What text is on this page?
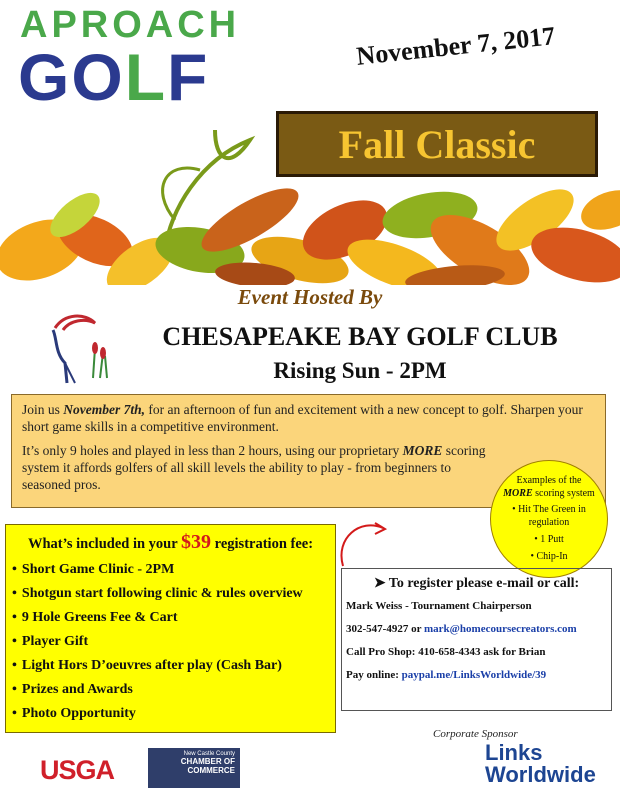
APROACH
GOLF	November 7, 2017
Fall Classic
Event Hosted By
CHESAPEAKE BAY GOLF CLUB
Rising Sun - 2PM

Join us November 7th, for an afternoon of fun and excitement with a new concept to golf. Sharpen your short game skills in a competitive environment.

It’s only 9 holes and played in less than 2 hours, using our proprietary MORE scoring system it affords golfers of all skill levels the ability to play - from beginners to seasoned pros.	Examples of the
MORE scoring system
• Hit The Green in regulation
• 1 Putt
• Chip-In
What’s included in your $39 registration fee:
• Short Game Clinic - 2PM
• Shotgun start following clinic & rules overview
• 9 Hole Greens Fee & Cart
• Player Gift
• Light Hors D’oeuvres after play (Cash Bar)
• Prizes and Awards
• Photo Opportunity
➤ To register please e-mail or call:
Mark Weiss - Tournament Chairperson
302-547-4927 or mark@homecoursecreators.com
Call Pro Shop: 410-658-4343 ask for Brian
Pay online: paypal.me/LinksWorldwide/39
USGA
New Castle County
CHAMBER OF
COMMERCE
Corporate Sponsor
Links
Worldwide
